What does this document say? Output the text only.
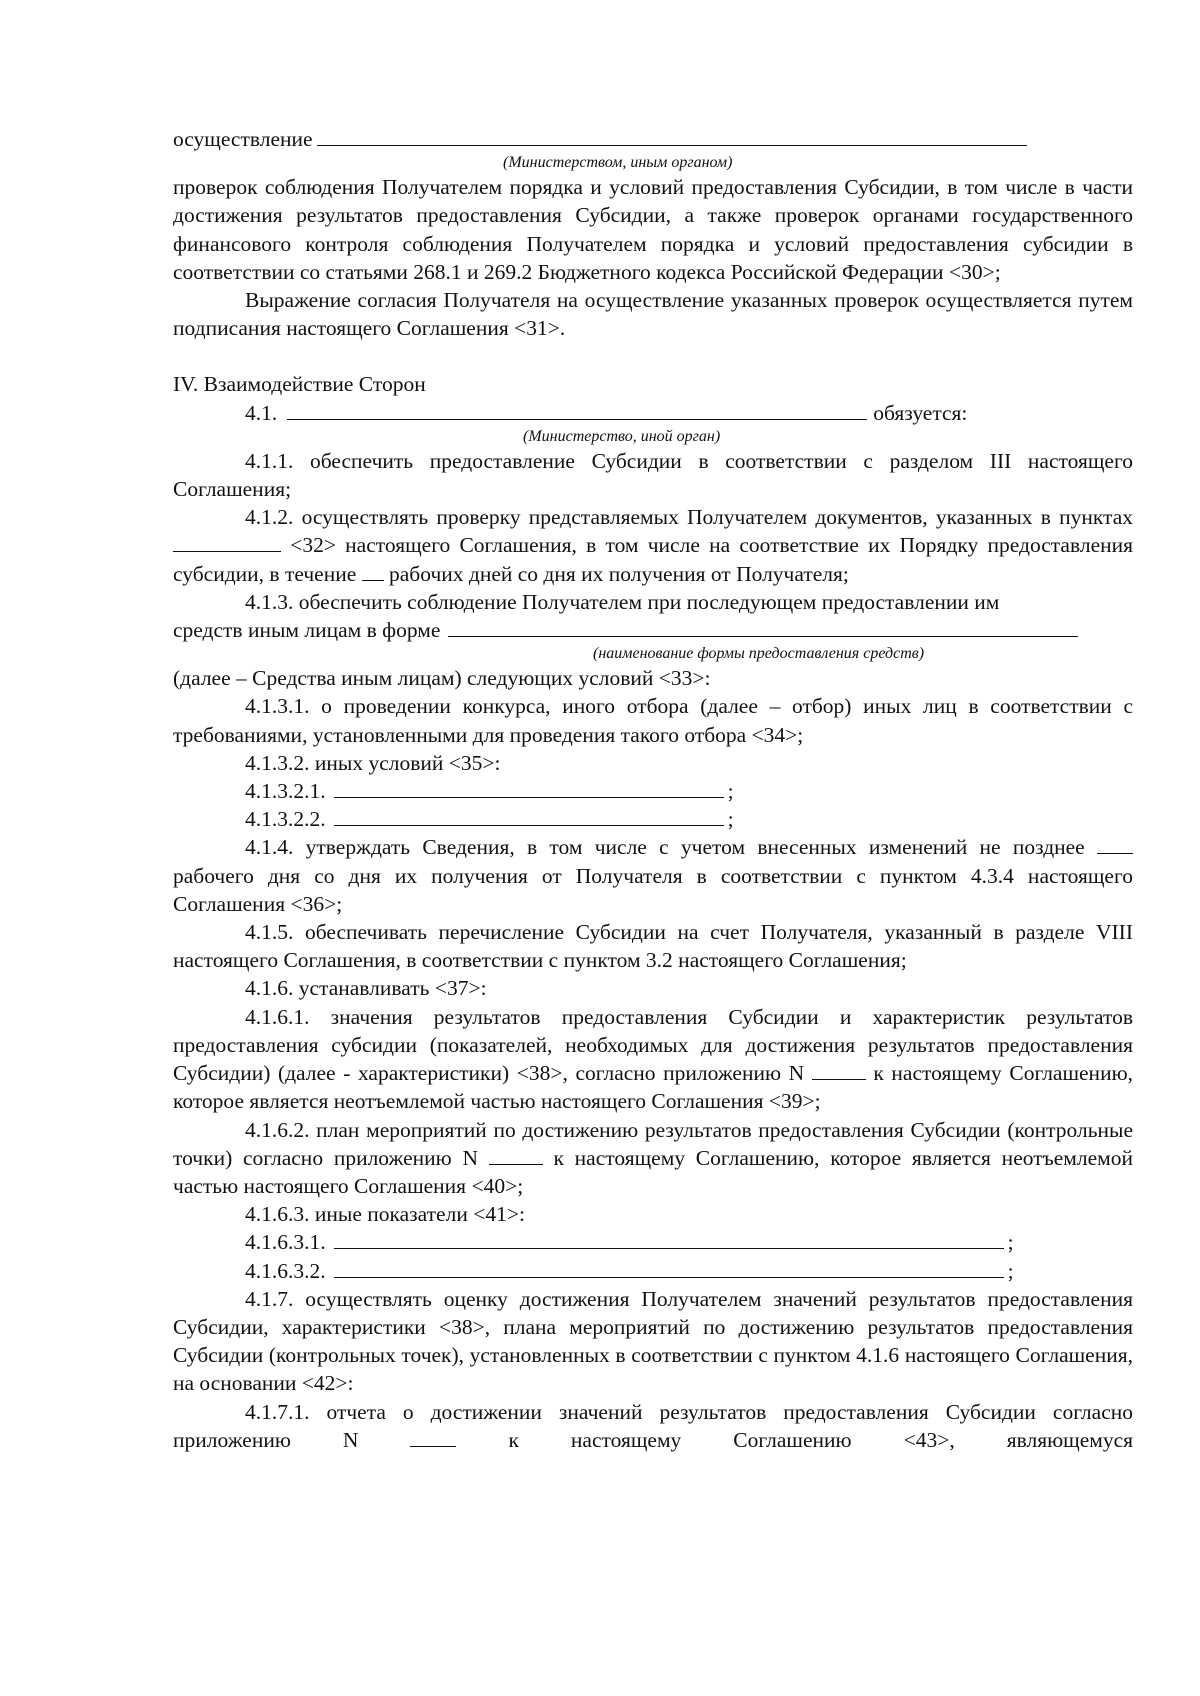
осуществление

(Министерством, иным органом)

проверок соблюдения Получателем порядка и условий предоставления Субсидии, в том числе в части достижения результатов предоставления Субсидии, а также проверок органами государственного финансового контроля соблюдения Получателем порядка и условий предоставления субсидии в соответствии со статьями 268.1 и 269.2 Бюджетного кодекса Российской Федерации <30>;

Выражение согласия Получателя на осуществление указанных проверок осуществляется путем подписания настоящего Соглашения <31>.

IV. Взаимодействие Сторон

4.1.	обязуется:

(Министерство, иной орган)

4.1.1. обеспечить предоставление Субсидии в соответствии с разделом III настоящего Соглашения;

4.1.2. осуществлять проверку представляемых Получателем документов, указанных в пунктах  <32> настоящего Соглашения, в том числе на соответствие их Порядку предоставления субсидии, в течение рабочих дней со дня их получения от Получателя;

4.1.3. обеспечить соблюдение Получателем при последующем предоставлении им

средств иным лицам в форме

(наименование формы предоставления средств)

(далее – Средства иным лицам) следующих условий <33>:

4.1.3.1. о проведении конкурса, иного отбора (далее – отбор) иных лиц в соответствии с требованиями, установленными для проведения такого отбора <34>;

4.1.3.2. иных условий <35>:

4.1.3.2.1.	;
4.1.3.2.2.	;

4.1.4. утверждать Сведения, в том числе с учетом внесенных изменений не позднее  рабочего дня со дня их получения от Получателя в соответствии с пунктом 4.3.4 настоящего Соглашения <36>;

4.1.5. обеспечивать перечисление Субсидии на счет Получателя, указанный в разделе VIII настоящего Соглашения, в соответствии с пунктом 3.2 настоящего Соглашения;

4.1.6. устанавливать <37>:

4.1.6.1. значения результатов предоставления Субсидии и характеристик результатов предоставления субсидии (показателей, необходимых для достижения результатов предоставления Субсидии) (далее - характеристики) <38>, согласно приложению N	к настоящему Соглашению, которое является неотъемлемой частью настоящего Соглашения <39>;

4.1.6.2. план мероприятий по достижению результатов предоставления Субсидии (контрольные точки) согласно приложению N	к настоящему Соглашению, которое является неотъемлемой частью настоящего Соглашения <40>;

4.1.6.3. иные показатели <41>:

4.1.6.3.1.	;
4.1.6.3.2.	;

4.1.7. осуществлять оценку достижения Получателем значений результатов предоставления Субсидии, характеристики <38>, плана мероприятий по достижению результатов предоставления Субсидии (контрольных точек), установленных в соответствии с пунктом 4.1.6 настоящего Соглашения, на основании <42>:

4.1.7.1. отчета о достижении значений результатов предоставления Субсидии согласно приложению N	к настоящему Соглашению <43>, являющемуся
